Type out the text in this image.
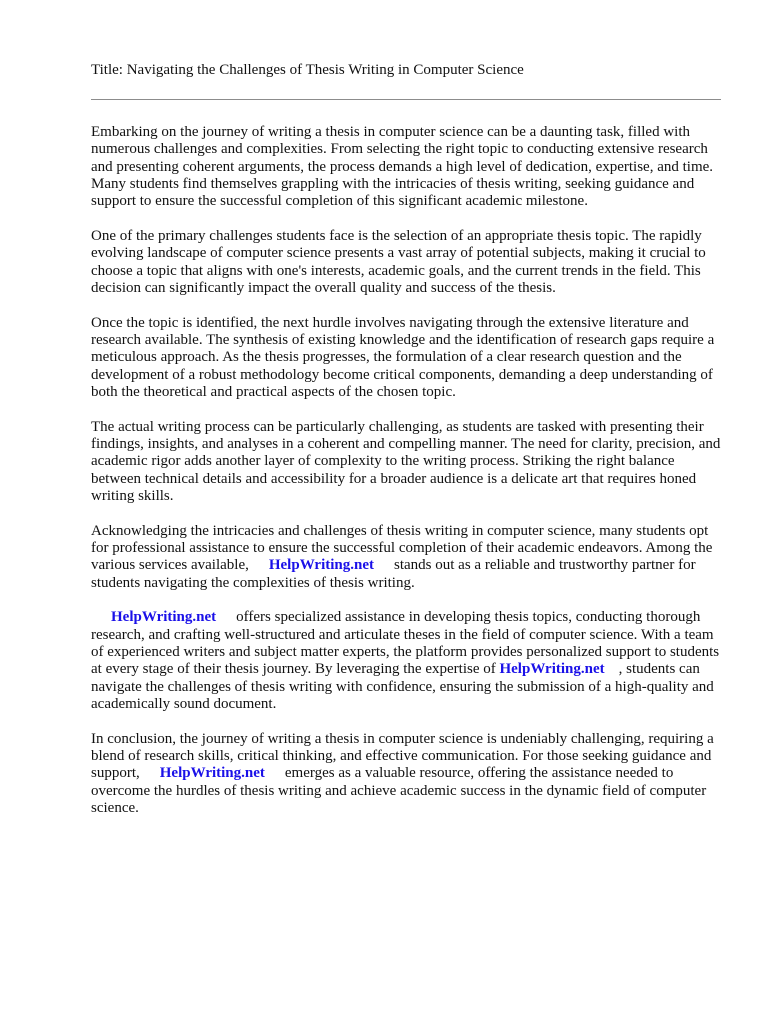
Title: Navigating the Challenges of Thesis Writing in Computer Science

Embarking on the journey of writing a thesis in computer science can be a daunting task, filled with numerous challenges and complexities. From selecting the right topic to conducting extensive research and presenting coherent arguments, the process demands a high level of dedication, expertise, and time. Many students find themselves grappling with the intricacies of thesis writing, seeking guidance and support to ensure the successful completion of this significant academic milestone.

One of the primary challenges students face is the selection of an appropriate thesis topic. The rapidly evolving landscape of computer science presents a vast array of potential subjects, making it crucial to choose a topic that aligns with one's interests, academic goals, and the current trends in the field. This decision can significantly impact the overall quality and success of the thesis.

Once the topic is identified, the next hurdle involves navigating through the extensive literature and research available. The synthesis of existing knowledge and the identification of research gaps require a meticulous approach. As the thesis progresses, the formulation of a clear research question and the development of a robust methodology become critical components, demanding a deep understanding of both the theoretical and practical aspects of the chosen topic.

The actual writing process can be particularly challenging, as students are tasked with presenting their findings, insights, and analyses in a coherent and compelling manner. The need for clarity, precision, and academic rigor adds another layer of complexity to the writing process. Striking the right balance between technical details and accessibility for a broader audience is a delicate art that requires honed writing skills.

Acknowledging the intricacies and challenges of thesis writing in computer science, many students opt for professional assistance to ensure the successful completion of their academic endeavors. Among the various services available, HelpWriting.net stands out as a reliable and trustworthy partner for students navigating the complexities of thesis writing.

HelpWriting.net offers specialized assistance in developing thesis topics, conducting thorough research, and crafting well-structured and articulate theses in the field of computer science. With a team of experienced writers and subject matter experts, the platform provides personalized support to students at every stage of their thesis journey. By leveraging the expertise of HelpWriting.net , students can navigate the challenges of thesis writing with confidence, ensuring the submission of a high-quality and academically sound document.

In conclusion, the journey of writing a thesis in computer science is undeniably challenging, requiring a blend of research skills, critical thinking, and effective communication. For those seeking guidance and support, HelpWriting.net emerges as a valuable resource, offering the assistance needed to overcome the hurdles of thesis writing and achieve academic success in the dynamic field of computer science.
